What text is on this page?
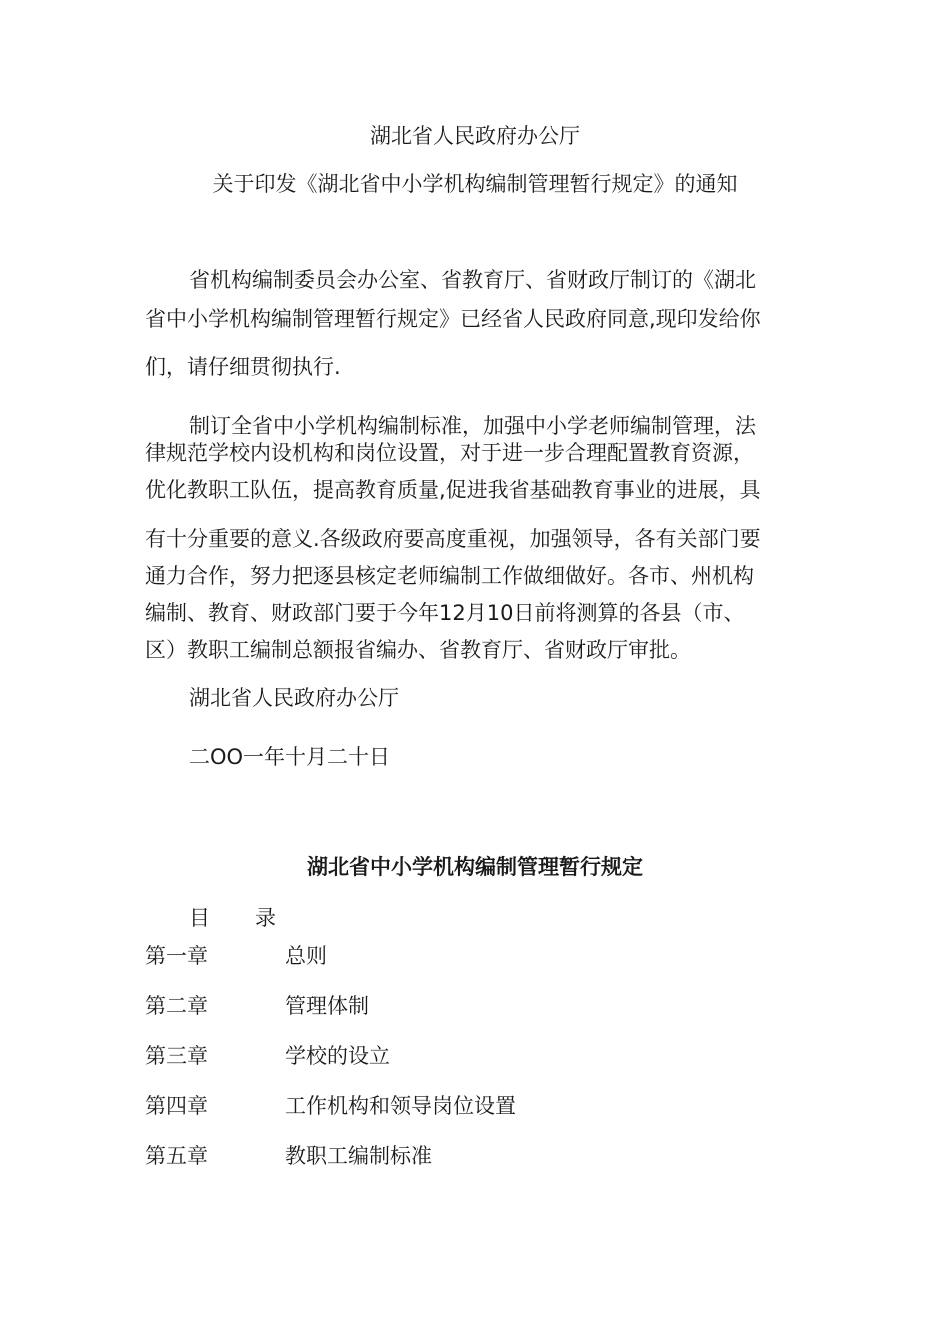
湖北省人民政府办公厅
关于印发《湖北省中小学机构编制管理暂行规定》的通知
省机构编制委员会办公室、省教育厅、省财政厅制订的《湖北
省中小学机构编制管理暂行规定》已经省人民政府同意,现印发给你
们，请仔细贯彻执行.
制订全省中小学机构编制标准，加强中小学老师编制管理，法
律规范学校内设机构和岗位设置，对于进一步合理配置教育资源，
优化教职工队伍，提高教育质量,促进我省基础教育事业的进展，具
有十分重要的意义.各级政府要高度重视，加强领导，各有关部门要
通力合作，努力把逐县核定老师编制工作做细做好。各市、州机构
编制、教育、财政部门要于今年12月10日前将测算的各县（市、
区）教职工编制总额报省编办、省教育厅、省财政厅审批。
湖北省人民政府办公厅
二OO一年十月二十日
湖北省中小学机构编制管理暂行规定
目 录
第一章	总则
第二章	管理体制
第三章	学校的设立
第四章	工作机构和领导岗位设置
第五章	教职工编制标准
